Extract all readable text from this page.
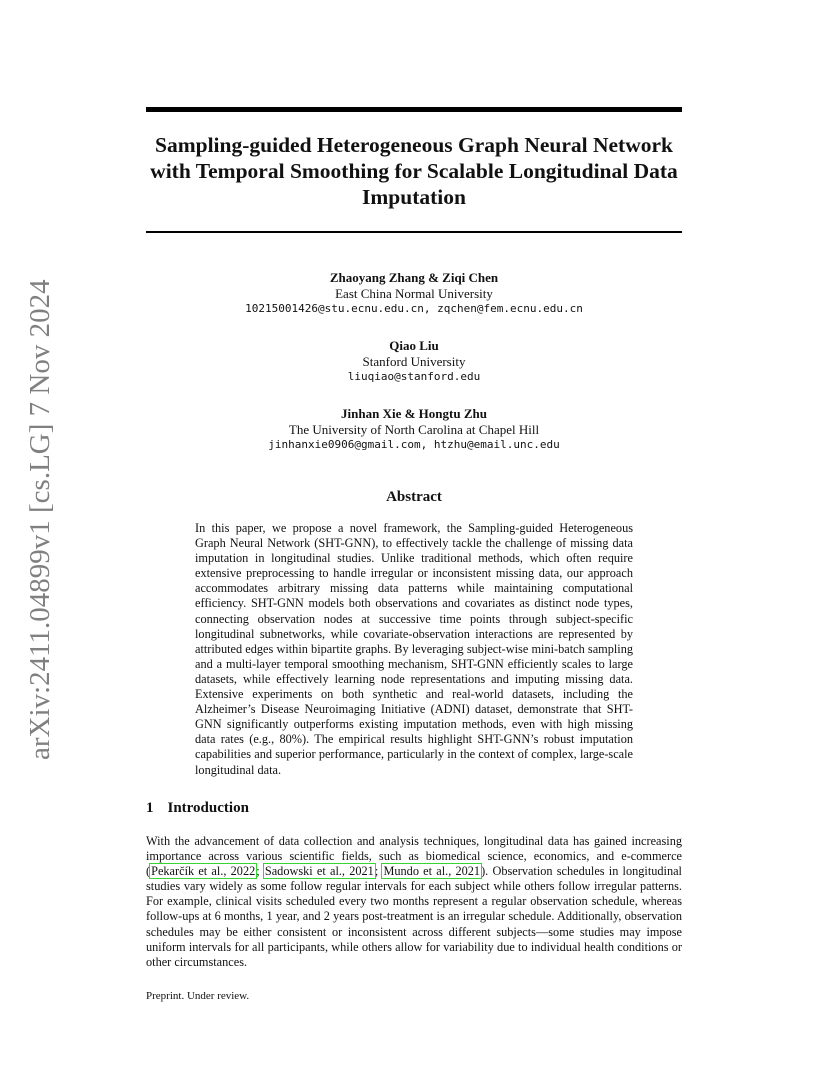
arXiv:2411.04899v1 [cs.LG] 7 Nov 2024
Sampling-guided Heterogeneous Graph Neural Network with Temporal Smoothing for Scalable Longitudinal Data Imputation
Zhaoyang Zhang & Ziqi Chen
East China Normal University
10215001426@stu.ecnu.edu.cn, zqchen@fem.ecnu.edu.cn
Qiao Liu
Stanford University
liuqiao@stanford.edu
Jinhan Xie & Hongtu Zhu
The University of North Carolina at Chapel Hill
jinhanxie0906@gmail.com, htzhu@email.unc.edu
Abstract
In this paper, we propose a novel framework, the Sampling-guided Heterogeneous Graph Neural Network (SHT-GNN), to effectively tackle the challenge of missing data imputation in longitudinal studies. Unlike traditional methods, which often require extensive preprocessing to handle irregular or inconsistent missing data, our approach accommodates arbitrary missing data patterns while maintaining computational efficiency. SHT-GNN models both observations and covariates as distinct node types, connecting observation nodes at successive time points through subject-specific longitudinal subnetworks, while covariate-observation interactions are represented by attributed edges within bipartite graphs. By leveraging subject-wise mini-batch sampling and a multi-layer temporal smoothing mechanism, SHT-GNN efficiently scales to large datasets, while effectively learning node representations and imputing missing data. Extensive experiments on both synthetic and real-world datasets, including the Alzheimer’s Disease Neuroimaging Initiative (ADNI) dataset, demonstrate that SHT-GNN significantly outperforms existing imputation methods, even with high missing data rates (e.g., 80%). The empirical results highlight SHT-GNN’s robust imputation capabilities and superior performance, particularly in the context of complex, large-scale longitudinal data.
1 Introduction
With the advancement of data collection and analysis techniques, longitudinal data has gained increasing importance across various scientific fields, such as biomedical science, economics, and e-commerce (Pekarčík et al., 2022; Sadowski et al., 2021; Mundo et al., 2021). Observation schedules in longitudinal studies vary widely as some follow regular intervals for each subject while others follow irregular patterns. For example, clinical visits scheduled every two months represent a regular observation schedule, whereas follow-ups at 6 months, 1 year, and 2 years post-treatment is an irregular schedule. Additionally, observation schedules may be either consistent or inconsistent across different subjects—some studies may impose uniform intervals for all participants, while others allow for variability due to individual health conditions or other circumstances.
Preprint. Under review.
